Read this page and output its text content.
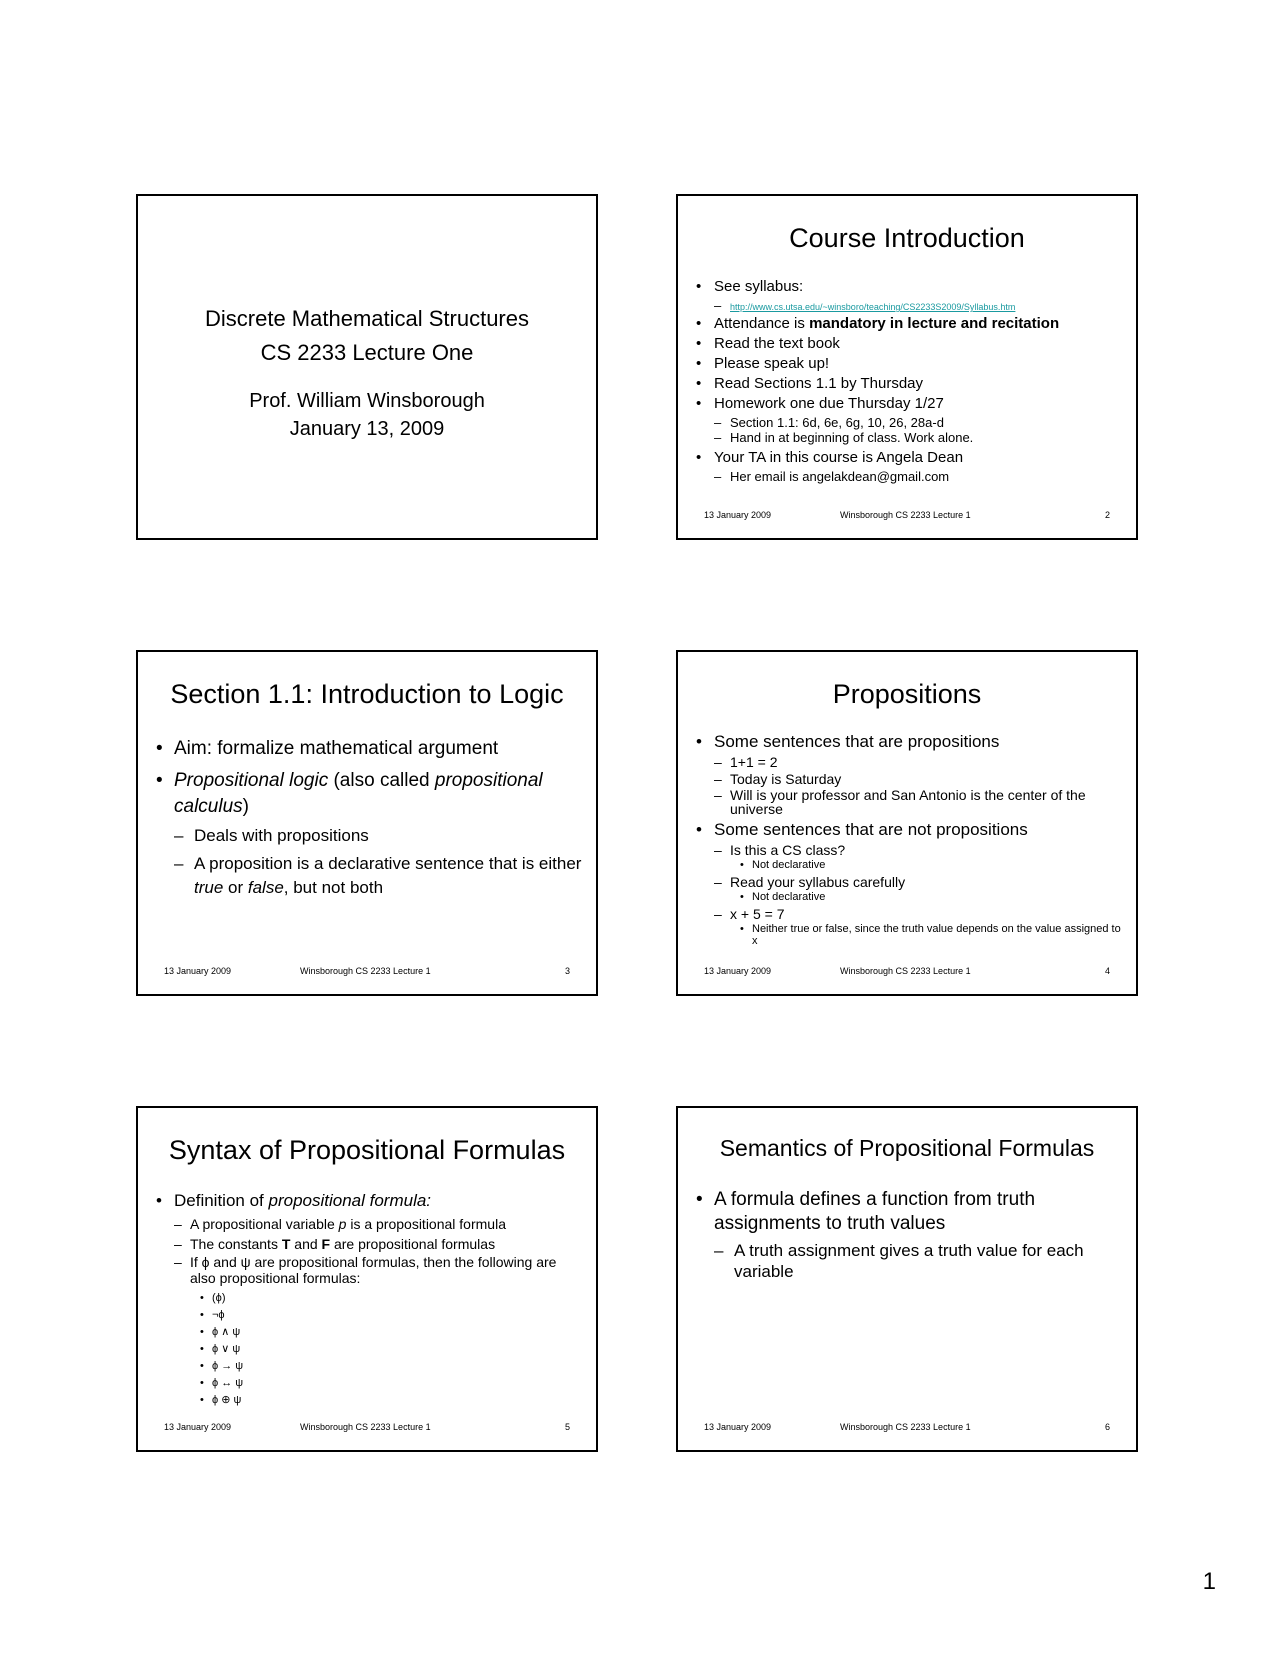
Discrete Mathematical Structures
CS 2233 Lecture One
Prof. William Winsborough
January 13, 2009
Course Introduction
• See syllabus:
– http://www.cs.utsa.edu/~winsboro/teaching/CS2233S2009/Syllabus.htm
• Attendance is mandatory in lecture and recitation
• Read the text book
• Please speak up!
• Read Sections 1.1 by Thursday
• Homework one due Thursday 1/27
– Section 1.1: 6d, 6e, 6g, 10, 26, 28a-d
– Hand in at beginning of class. Work alone.
• Your TA in this course is Angela Dean
– Her email is angelakdean@gmail.com
13 January 2009	Winsborough CS 2233 Lecture 1	2
Section 1.1: Introduction to Logic
• Aim: formalize mathematical argument
• Propositional logic (also called propositional calculus)
– Deals with propositions
– A proposition is a declarative sentence that is either true or false, but not both
13 January 2009	Winsborough CS 2233 Lecture 1	3
Propositions
• Some sentences that are propositions
– 1+1 = 2
– Today is Saturday
– Will is your professor and San Antonio is the center of the universe
• Some sentences that are not propositions
– Is this a CS class?
• Not declarative
– Read your syllabus carefully
• Not declarative
– x + 5 = 7
• Neither true or false, since the truth value depends on the value assigned to x
13 January 2009	Winsborough CS 2233 Lecture 1	4
Syntax of Propositional Formulas
• Definition of propositional formula:
– A propositional variable p is a propositional formula
– The constants T and F are propositional formulas
– If ϕ and ψ are propositional formulas, then the following are also propositional formulas:
• (ϕ)
• ¬ϕ
• ϕ ∧ ψ
• ϕ ∨ ψ
• ϕ → ψ
• ϕ ↔ ψ
• ϕ ⊕ ψ
13 January 2009	Winsborough CS 2233 Lecture 1	5
Semantics of Propositional Formulas
• A formula defines a function from truth assignments to truth values
– A truth assignment gives a truth value for each variable
13 January 2009	Winsborough CS 2233 Lecture 1	6
1
